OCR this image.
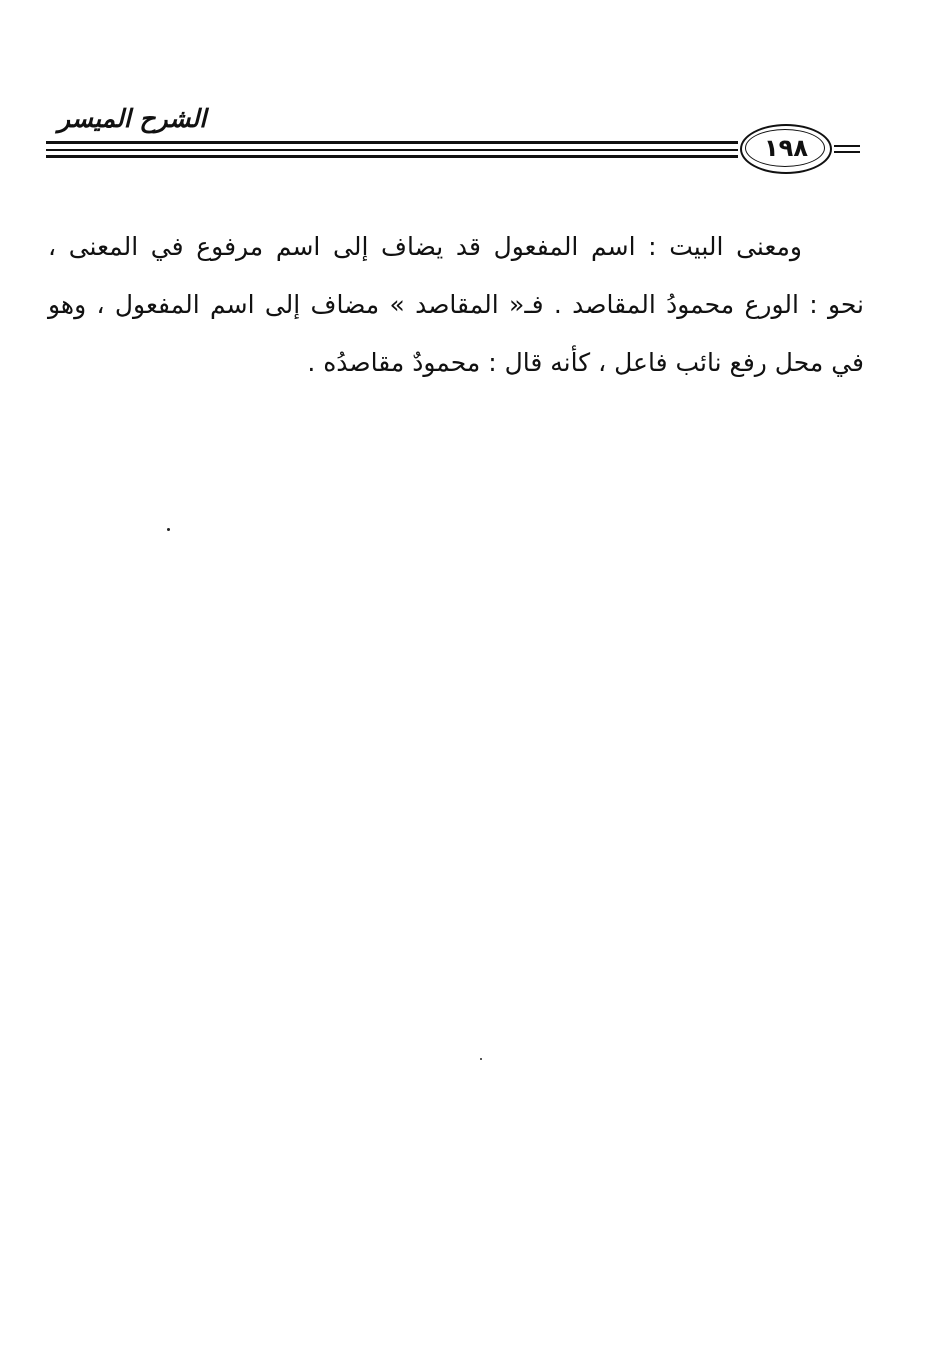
الشرح الميسر
١٩٨
ومعنى البيت : اسم المفعول قد يضاف إلى اسم مرفوع في المعنى ،
نحو : الورع محمودُ المقاصد . فـ« المقاصد » مضاف إلى اسم المفعول ، وهو
في محل رفع نائب فاعل ، كأنه قال : محمودٌ مقاصدُه .
